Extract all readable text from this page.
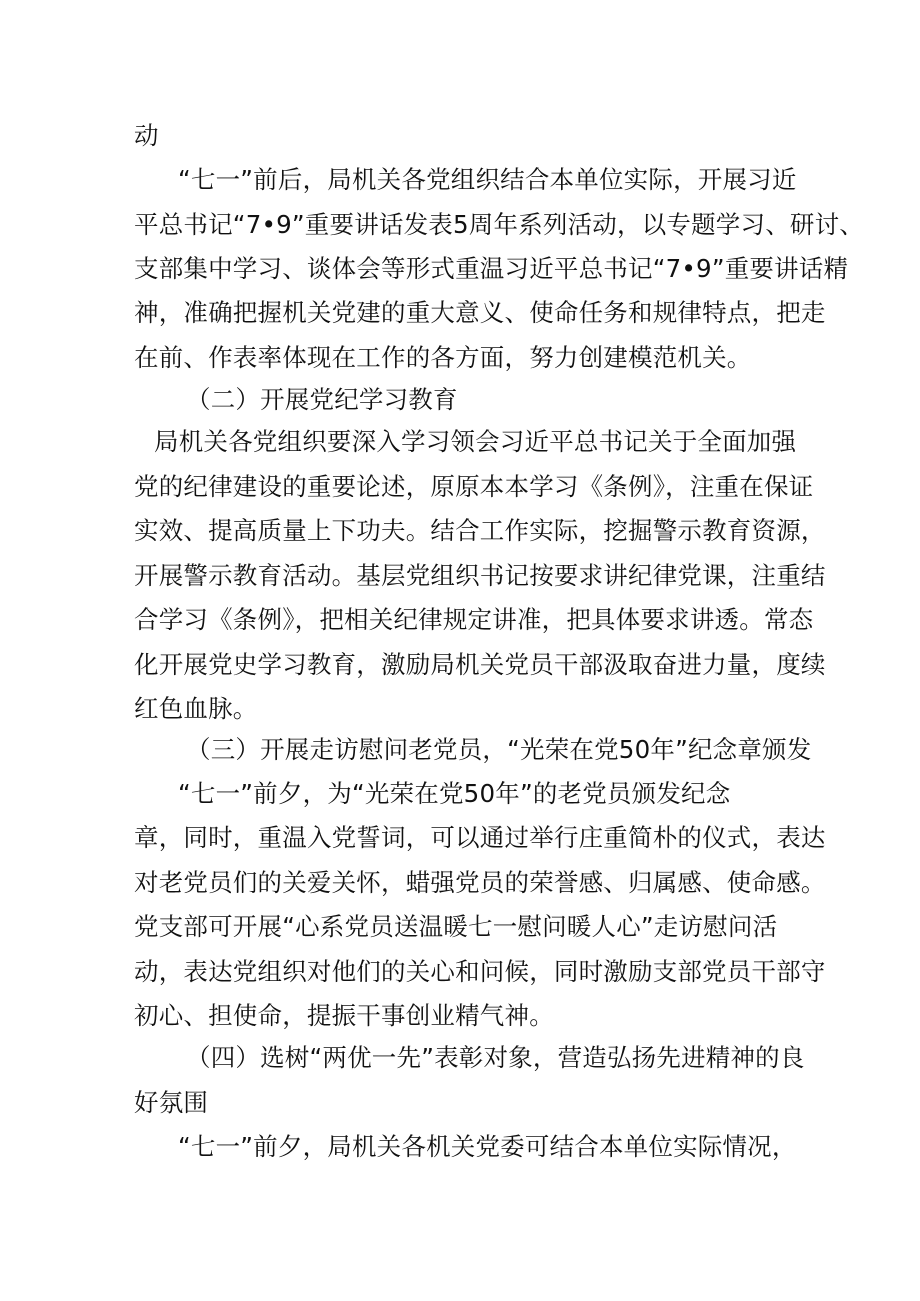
动
“七一”前后，局机关各党组织结合本单位实际，开展习近
平总书记“7•9”重要讲话发表5周年系列活动，以专题学习、研讨、
支部集中学习、谈体会等形式重温习近平总书记“7•9”重要讲话精
神，准确把握机关党建的重大意义、使命任务和规律特点，把走
在前、作表率体现在工作的各方面，努力创建模范机关。
（二）开展党纪学习教育
局机关各党组织要深入学习领会习近平总书记关于全面加强
党的纪律建设的重要论述，原原本本学习《条例》，注重在保证
实效、提高质量上下功夫。结合工作实际，挖掘警示教育资源，
开展警示教育活动。基层党组织书记按要求讲纪律党课，注重结
合学习《条例》，把相关纪律规定讲准，把具体要求讲透。常态
化开展党史学习教育，激励局机关党员干部汲取奋进力量，度续
红色血脉。
（三）开展走访慰问老党员，“光荣在党50年”纪念章颁发
“七一”前夕，为“光荣在党50年”的老党员颁发纪念
章，同时，重温入党誓词，可以通过举行庄重简朴的仪式，表达
对老党员们的关爱关怀，蜡强党员的荣誉感、归属感、使命感。
党支部可开展“心系党员送温暖七一慰问暖人心”走访慰问活
动，表达党组织对他们的关心和问候，同时激励支部党员干部守
初心、担使命，提振干事创业精气神。
（四）选树“两优一先”表彰对象，营造弘扬先进精神的良
好氛围
“七一”前夕，局机关各机关党委可结合本单位实际情况，
